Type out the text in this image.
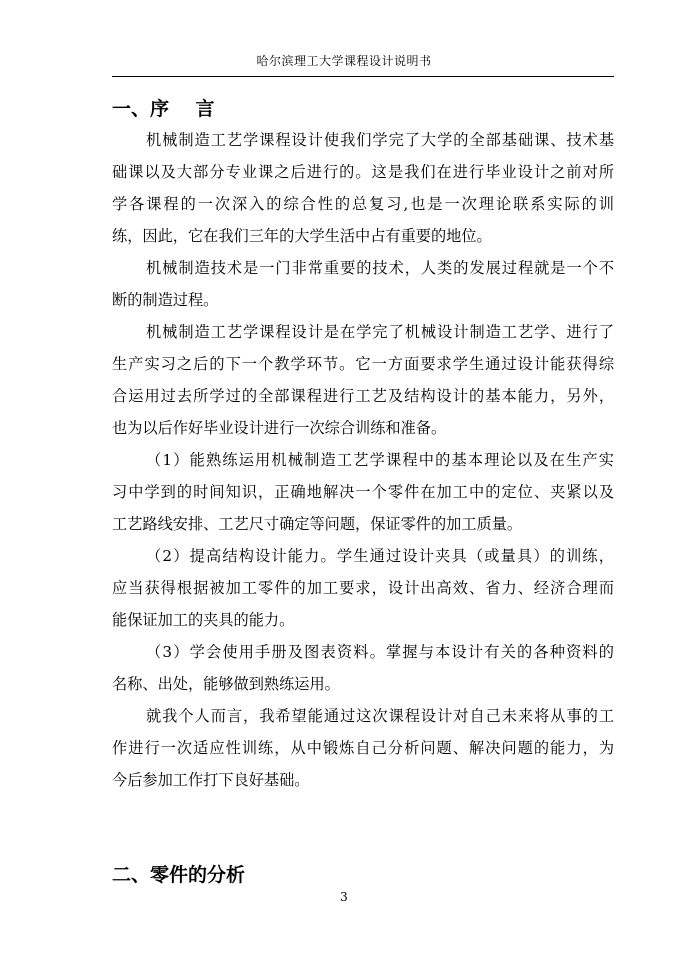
哈尔滨理工大学课程设计说明书
一、序    言
机械制造工艺学课程设计使我们学完了大学的全部基础课、技术基
础课以及大部分专业课之后进行的。这是我们在进行毕业设计之前对所
学各课程的一次深入的综合性的总复习,也是一次理论联系实际的训
练，因此，它在我们三年的大学生活中占有重要的地位。
机械制造技术是一门非常重要的技术，人类的发展过程就是一个不
断的制造过程。
机械制造工艺学课程设计是在学完了机械设计制造工艺学、进行了
生产实习之后的下一个教学环节。它一方面要求学生通过设计能获得综
合运用过去所学过的全部课程进行工艺及结构设计的基本能力，另外，
也为以后作好毕业设计进行一次综合训练和准备。
（1）能熟练运用机械制造工艺学课程中的基本理论以及在生产实
习中学到的时间知识，正确地解决一个零件在加工中的定位、夹紧以及
工艺路线安排、工艺尺寸确定等问题，保证零件的加工质量。
（2）提高结构设计能力。学生通过设计夹具（或量具）的训练，
应当获得根据被加工零件的加工要求，设计出高效、省力、经济合理而
能保证加工的夹具的能力。
（3）学会使用手册及图表资料。掌握与本设计有关的各种资料的
名称、出处，能够做到熟练运用。
就我个人而言，我希望能通过这次课程设计对自己未来将从事的工
作进行一次适应性训练，从中锻炼自己分析问题、解决问题的能力，为
今后参加工作打下良好基础。
二、零件的分析
3
